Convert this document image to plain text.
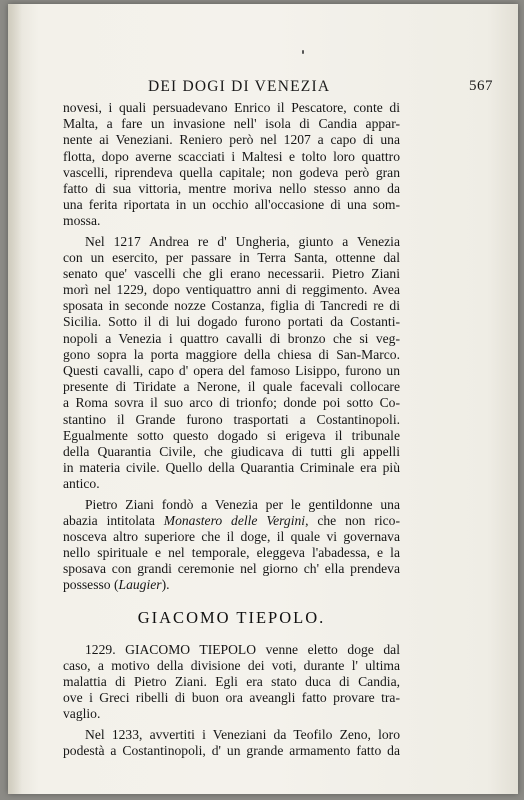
DEI DOGI DI VENEZIA	567
novesi, i quali persuadevano Enrico il Pescatore, conte di
Malta, a fare un invasione nell' isola di Candia appar-
nente ai Veneziani. Reniero però nel 1207 a capo di una
flotta, dopo averne scacciati i Maltesi e tolto loro quattro
vascelli, riprendeva quella capitale; non godeva però gran
fatto di sua vittoria, mentre moriva nello stesso anno da
una ferita riportata in un occhio all'occasione di una som-
mossa.
Nel 1217 Andrea re d' Ungheria, giunto a Venezia
con un esercito, per passare in Terra Santa, ottenne dal
senato que' vascelli che gli erano necessarii. Pietro Ziani
morì nel 1229, dopo ventiquattro anni di reggimento. Avea
sposata in seconde nozze Costanza, figlia di Tancredi re di
Sicilia. Sotto il di lui dogado furono portati da Costanti-
nopoli a Venezia i quattro cavalli di bronzo che si veg-
gono sopra la porta maggiore della chiesa di San-Marco.
Questi cavalli, capo d' opera del famoso Lisippo, furono un
presente di Tiridate a Nerone, il quale facevali collocare
a Roma sovra il suo arco di trionfo; donde poi sotto Co-
stantino il Grande furono trasportati a Costantinopoli.
Egualmente sotto questo dogado si erigeva il tribunale
della Quarantia Civile, che giudicava di tutti gli appelli
in materia civile. Quello della Quarantia Criminale era più
antico.
Pietro Ziani fondò a Venezia per le gentildonne una
abazia intitolata Monastero delle Vergini, che non rico-
nosceva altro superiore che il doge, il quale vi governava
nello spirituale e nel temporale, eleggeva l'abadessa, e la
sposava con grandi ceremonie nel giorno ch' ella prendeva
possesso (Laugier).
GIACOMO TIEPOLO.
1229. GIACOMO TIEPOLO venne eletto doge dal
caso, a motivo della divisione dei voti, durante l' ultima
malattia di Pietro Ziani. Egli era stato duca di Candia,
ove i Greci ribelli di buon ora aveangli fatto provare tra-
vaglio.
Nel 1233, avvertiti i Veneziani da Teofilo Zeno, loro
podestà a Costantinopoli, d' un grande armamento fatto da
